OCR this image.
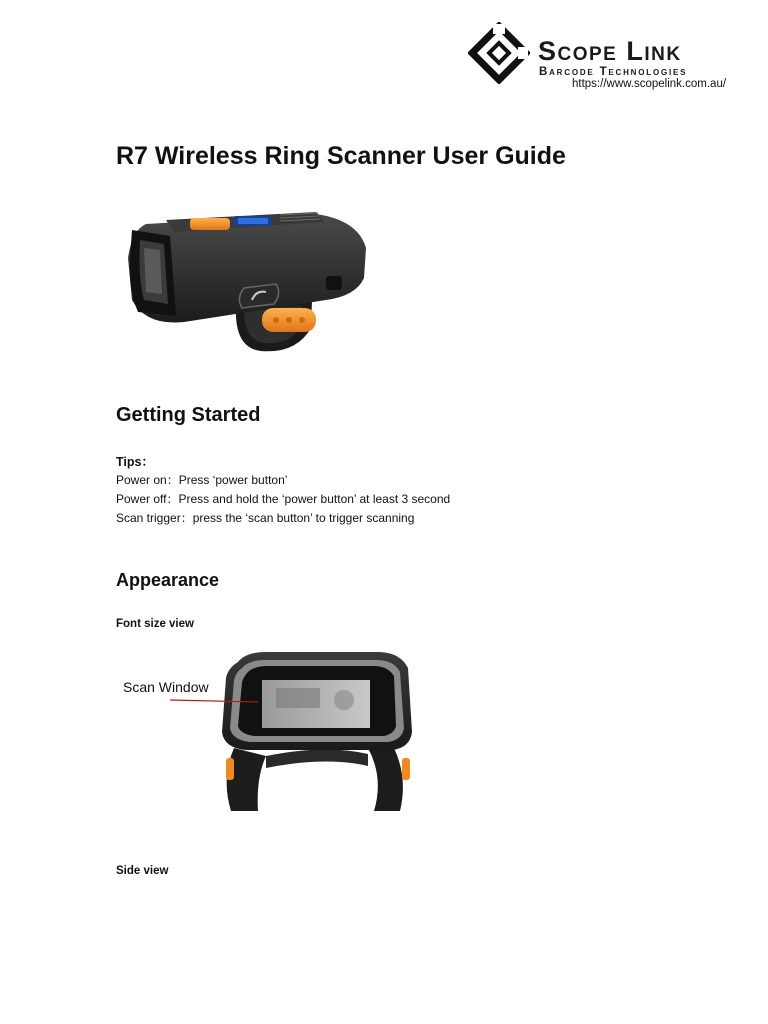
Scope Link
Barcode Technologies
https://www.scopelink.com.au/
R7 Wireless Ring Scanner User Guide
Getting Started
Tips：
Power on：Press ‘power button’
Power off：Press and hold the ‘power button’ at least 3 second
Scan trigger：press the ‘scan button’ to trigger scanning
Appearance
Font size view
Scan Window
Side view
